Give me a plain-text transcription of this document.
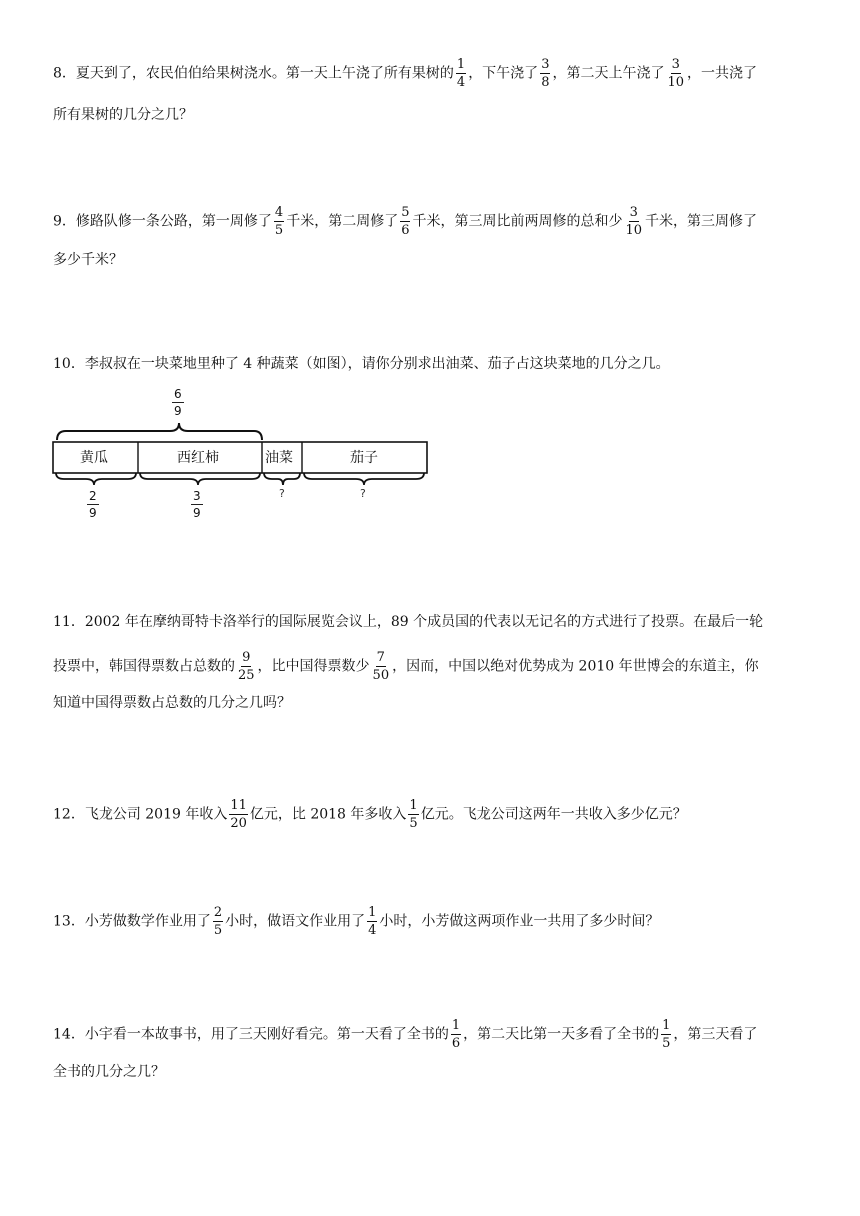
8．夏天到了，农民伯伯给果树浇水。第一天上午浇了所有果树的 $\frac{1}{4}$ ，下午浇了 $\frac{3}{8}$ ，第二天上午浇了 $\frac{3}{10}$ ，一共浇了
所有果树的几分之几？
9．修路队修一条公路，第一周修了 $\frac{4}{5}$ 千米，第二周修了 $\frac{5}{6}$ 千米，第三周比前两周修的总和少 $\frac{3}{10}$ 千米，第三周修了
多少千米？
10．李叔叔在一块菜地里种了 4 种蔬菜（如图），请你分别求出油菜、茄子占这块菜地的几分之几。
$\frac{6}{9}$
黄瓜	西红柿	油菜	茄子
$\frac{2}{9}$	$\frac{3}{9}$	?	?
11．2002 年在摩纳哥特卡洛举行的国际展览会议上，89 个成员国的代表以无记名的方式进行了投票。在最后一轮
投票中，韩国得票数占总数的 $\frac{9}{25}$ ，比中国得票数少 $\frac{7}{50}$ ，因而，中国以绝对优势成为 2010 年世博会的东道主，你
知道中国得票数占总数的几分之几吗？
12．飞龙公司 2019 年收入 $\frac{11}{20}$ 亿元，比 2018 年多收入 $\frac{1}{5}$ 亿元。飞龙公司这两年一共收入多少亿元？
13．小芳做数学作业用了 $\frac{2}{5}$ 小时，做语文作业用了 $\frac{1}{4}$ 小时，小芳做这两项作业一共用了多少时间？
14．小宇看一本故事书，用了三天刚好看完。第一天看了全书的 $\frac{1}{6}$ ，第二天比第一天多看了全书的 $\frac{1}{5}$ ，第三天看了
全书的几分之几？
